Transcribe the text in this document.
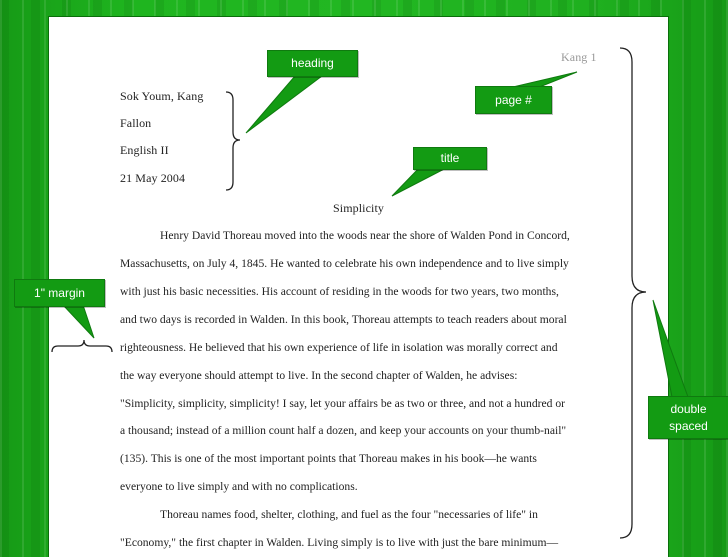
Kang 1
Sok Youm, Kang
Fallon
English II
21 May 2004
Simplicity
Henry David Thoreau moved into the woods near the shore of Walden Pond in Concord,
Massachusetts, on July 4, 1845. He wanted to celebrate his own independence and to live simply
with just his basic necessities. His account of residing in the woods for two years, two months,
and two days is recorded in Walden. In this book, Thoreau attempts to teach readers about moral
righteousness. He believed that his own experience of life in isolation was morally correct and
the way everyone should attempt to live. In the second chapter of Walden, he advises:
"Simplicity, simplicity, simplicity! I say, let your affairs be as two or three, and not a hundred or
a thousand; instead of a million count half a dozen, and keep your accounts on your thumb-nail"
(135). This is one of the most important points that Thoreau makes in his book—he wants
everyone to live simply and with no complications.
Thoreau names food, shelter, clothing, and fuel as the four "necessaries of life" in
"Economy," the first chapter in Walden. Living simply is to live with just the bare minimum—
heading
page #
title
1" margin
double spaced
